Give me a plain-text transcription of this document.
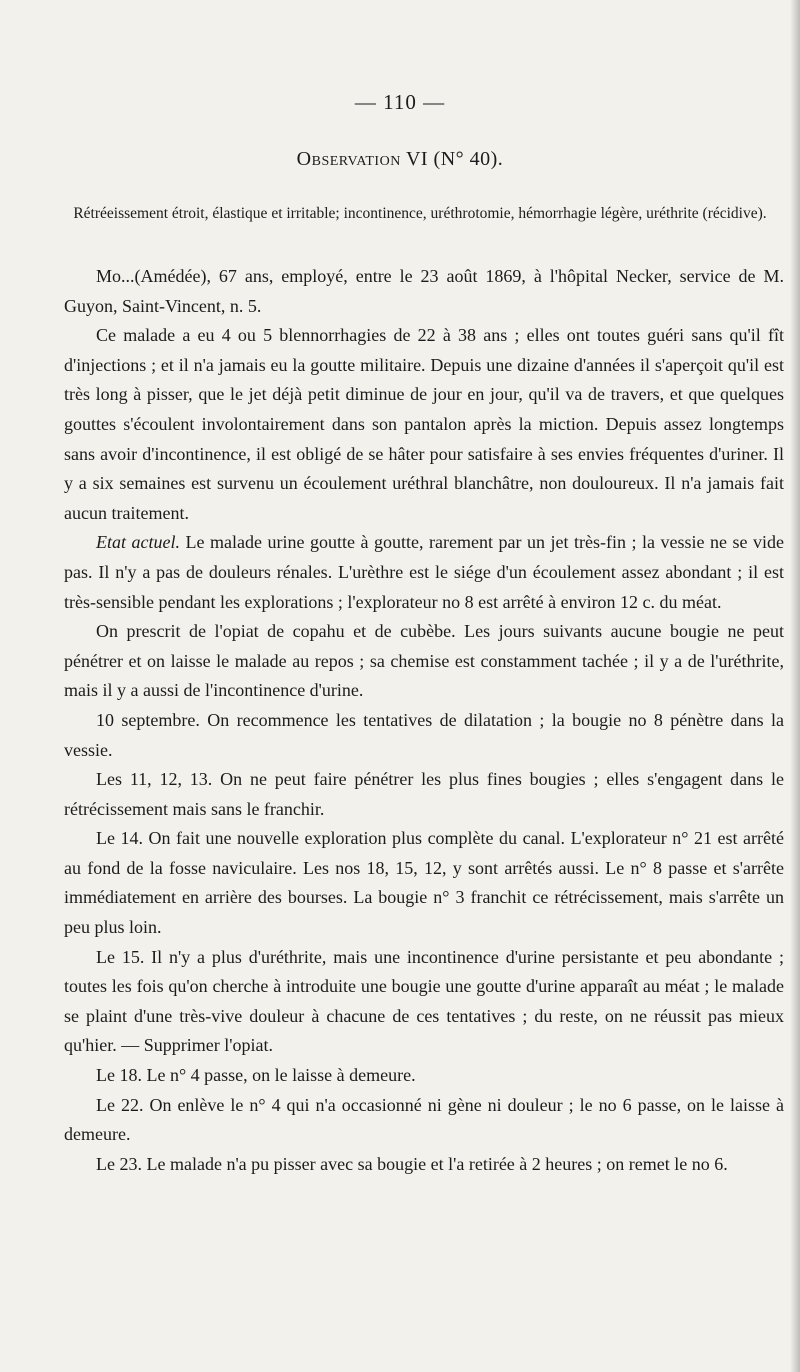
— 110 —
Observation VI (N° 40).

Rétréeissement étroit, élastique et irritable; incontinence, uréthrotomie, hémorrhagie légère, uréthrite (récidive).

Mo...(Amédée), 67 ans, employé, entre le 23 août 1869, à l'hôpital Necker, service de M. Guyon, Saint-Vincent, n. 5.

Ce malade a eu 4 ou 5 blennorrhagies de 22 à 38 ans ; elles ont toutes guéri sans qu'il fît d'injections ; et il n'a jamais eu la goutte militaire. Depuis une dizaine d'années il s'aperçoit qu'il est très long à pisser, que le jet déjà petit diminue de jour en jour, qu'il va de travers, et que quelques gouttes s'écoulent involontairement dans son pantalon après la miction. Depuis assez longtemps sans avoir d'incontinence, il est obligé de se hâter pour satisfaire à ses envies fréquentes d'uriner. Il y a six semaines est survenu un écoulement uréthral blanchâtre, non douloureux. Il n'a jamais fait aucun traitement.

Etat actuel. Le malade urine goutte à goutte, rarement par un jet très-fin ; la vessie ne se vide pas. Il n'y a pas de douleurs rénales. L'urèthre est le siége d'un écoulement assez abondant ; il est très-sensible pendant les explorations ; l'explorateur no 8 est arrêté à environ 12 c. du méat.

On prescrit de l'opiat de copahu et de cubèbe. Les jours suivants aucune bougie ne peut pénétrer et on laisse le malade au repos ; sa chemise est constamment tachée ; il y a de l'uréthrite, mais il y a aussi de l'incontinence d'urine.

10 septembre. On recommence les tentatives de dilatation ; la bougie no 8 pénètre dans la vessie.

Les 11, 12, 13. On ne peut faire pénétrer les plus fines bougies ; elles s'engagent dans le rétrécissement mais sans le franchir.

Le 14. On fait une nouvelle exploration plus complète du canal. L'explorateur n° 21 est arrêté au fond de la fosse naviculaire. Les nos 18, 15, 12, y sont arrêtés aussi. Le n° 8 passe et s'arrête immédiatement en arrière des bourses. La bougie n° 3 franchit ce rétrécissement, mais s'arrête un peu plus loin.

Le 15. Il n'y a plus d'uréthrite, mais une incontinence d'urine persistante et peu abondante ; toutes les fois qu'on cherche à introduite une bougie une goutte d'urine apparaît au méat ; le malade se plaint d'une très-vive douleur à chacune de ces tentatives ; du reste, on ne réussit pas mieux qu'hier. — Supprimer l'opiat.

Le 18. Le n° 4 passe, on le laisse à demeure.

Le 22. On enlève le n° 4 qui n'a occasionné ni gène ni douleur ; le no 6 passe, on le laisse à demeure.

Le 23. Le malade n'a pu pisser avec sa bougie et l'a retirée à 2 heures ; on remet le no 6.
